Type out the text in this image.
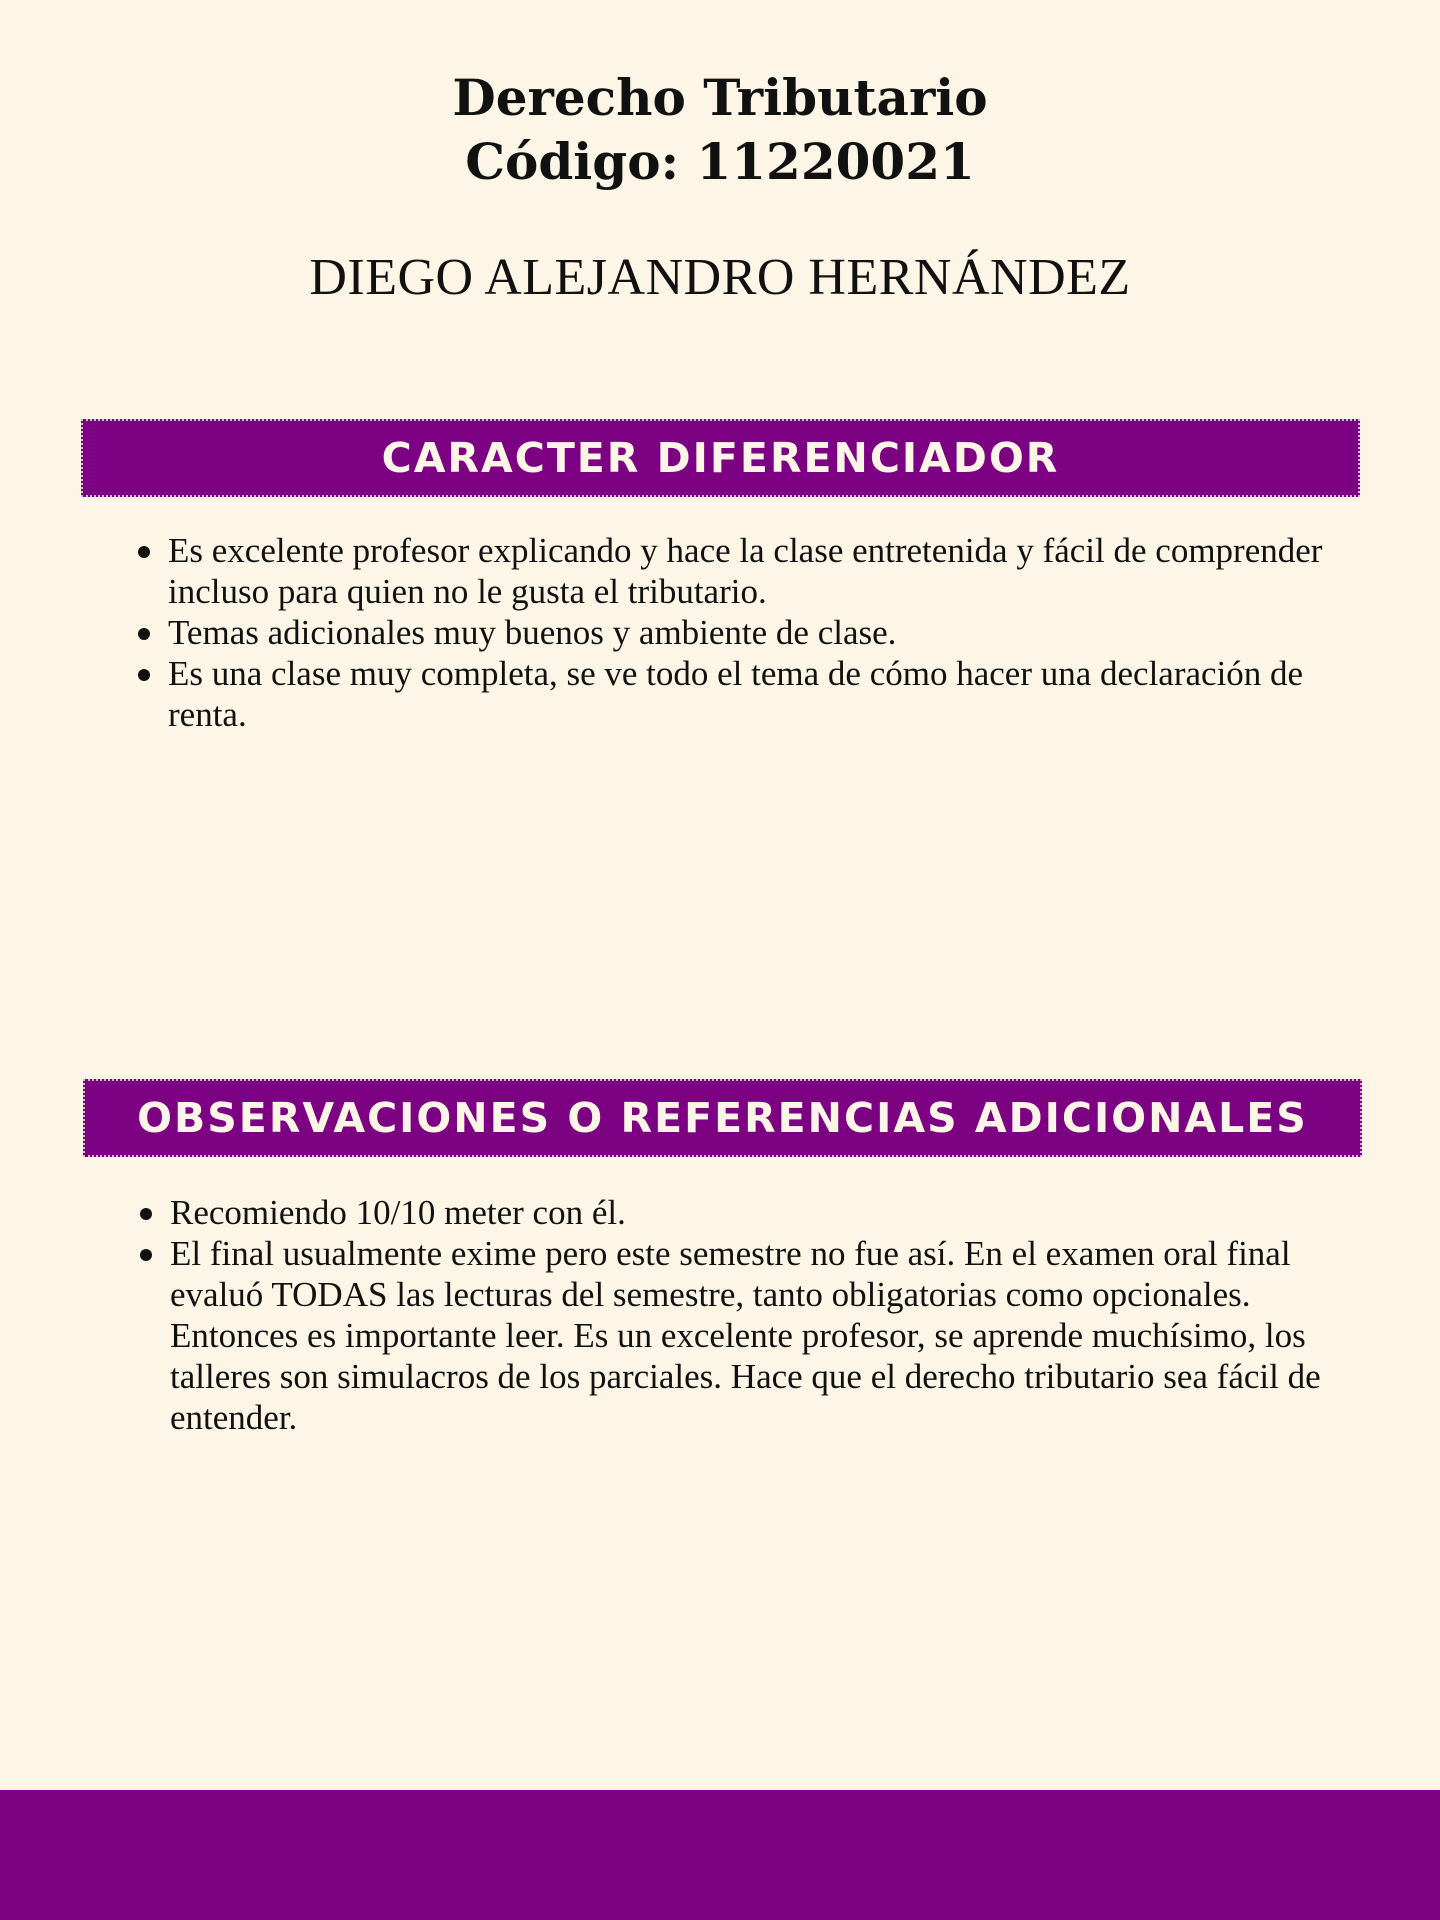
Derecho Tributario
Código: 11220021
DIEGO ALEJANDRO HERNÁNDEZ
CARACTER DIFERENCIADOR
Es excelente profesor explicando y hace la clase entretenida y fácil de comprender incluso para quien no le gusta el tributario.
Temas adicionales muy buenos y ambiente de clase.
Es una clase muy completa, se ve todo el tema de cómo hacer una declaración de renta.
OBSERVACIONES O REFERENCIAS ADICIONALES
Recomiendo 10/10 meter con él.
El final usualmente exime pero este semestre no fue así. En el examen oral final evaluó TODAS las lecturas del semestre, tanto obligatorias como opcionales. Entonces es importante leer. Es un excelente profesor, se aprende muchísimo, los talleres son simulacros de los parciales. Hace que el derecho tributario sea fácil de entender.
